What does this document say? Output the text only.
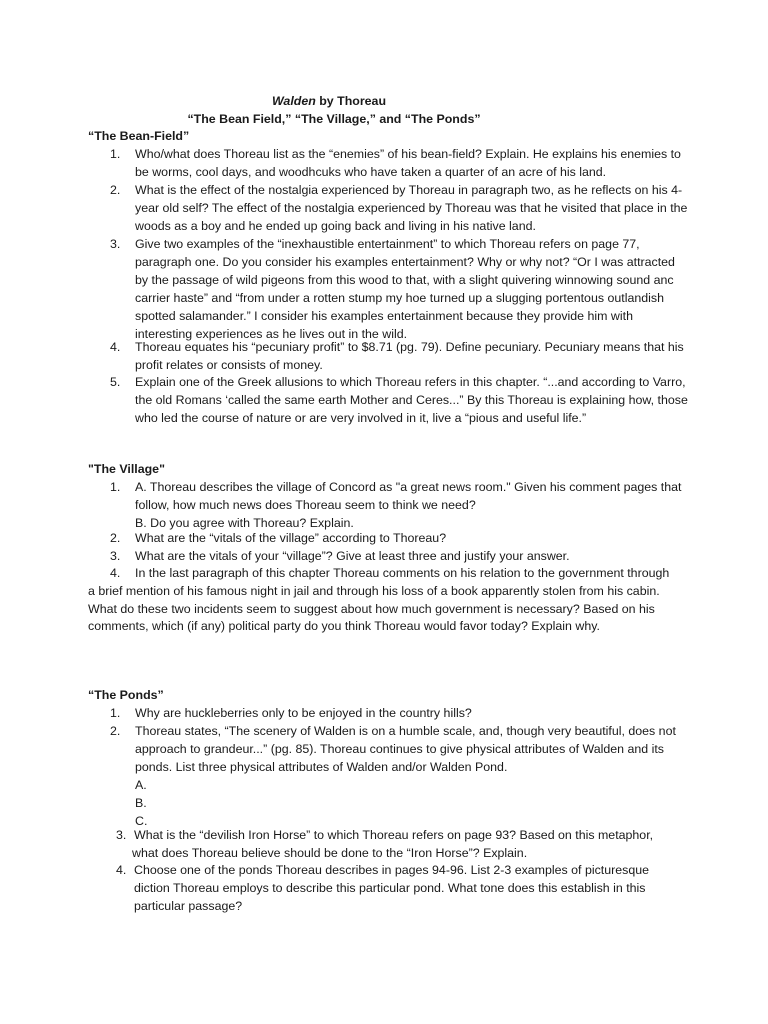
Walden by Thoreau
“The Bean Field,” “The Village,” and “The Ponds”
“The Bean-Field”
1. Who/what does Thoreau list as the “enemies” of his bean-field? Explain. He explains his enemies to be worms, cool days, and woodhcuks who have taken a quarter of an acre of his land.
2. What is the effect of the nostalgia experienced by Thoreau in paragraph two, as he reflects on his 4-year old self? The effect of the nostalgia experienced by Thoreau was that he visited that place in the woods as a boy and he ended up going back and living in his native land.
3. Give two examples of the “inexhaustible entertainment” to which Thoreau refers on page 77, paragraph one. Do you consider his examples entertainment? Why or why not? “Or I was attracted by the passage of wild pigeons from this wood to that, with a slight quivering winnowing sound anc carrier haste” and “from under a rotten stump my hoe turned up a slugging portentous outlandish spotted salamander.” I consider his examples entertainment because they provide him with interesting experiences as he lives out in the wild.
4. Thoreau equates his “pecuniary profit” to $8.71 (pg. 79). Define pecuniary. Pecuniary means that his profit relates or consists of money.
5. Explain one of the Greek allusions to which Thoreau refers in this chapter. “...and according to Varro, the old Romans ‘called the same earth Mother and Ceres...” By this Thoreau is explaining how, those who led the course of nature or are very involved in it, live a “pious and useful life.”
"The Village"
1. A. Thoreau describes the village of Concord as "a great news room." Given his comment pages that follow, how much news does Thoreau seem to think we need?
B. Do you agree with Thoreau? Explain.
2. What are the “vitals of the village” according to Thoreau?
3. What are the vitals of your “village”? Give at least three and justify your answer.
4. In the last paragraph of this chapter Thoreau comments on his relation to the government through
a brief mention of his famous night in jail and through his loss of a book apparently stolen from his cabin.
What do these two incidents seem to suggest about how much government is necessary? Based on his
comments, which (if any) political party do you think Thoreau would favor today? Explain why.
“The Ponds”
1. Why are huckleberries only to be enjoyed in the country hills?
2. Thoreau states, “The scenery of Walden is on a humble scale, and, though very beautiful, does not approach to grandeur...” (pg. 85). Thoreau continues to give physical attributes of Walden and its ponds. List three physical attributes of Walden and/or Walden Pond.
A.
B.
C.
3. What is the “devilish Iron Horse” to which Thoreau refers on page 93? Based on this metaphor,
what does Thoreau believe should be done to the “Iron Horse”? Explain.
4. Choose one of the ponds Thoreau describes in pages 94-96. List 2-3 examples of picturesque diction Thoreau employs to describe this particular pond. What tone does this establish in this particular passage?
